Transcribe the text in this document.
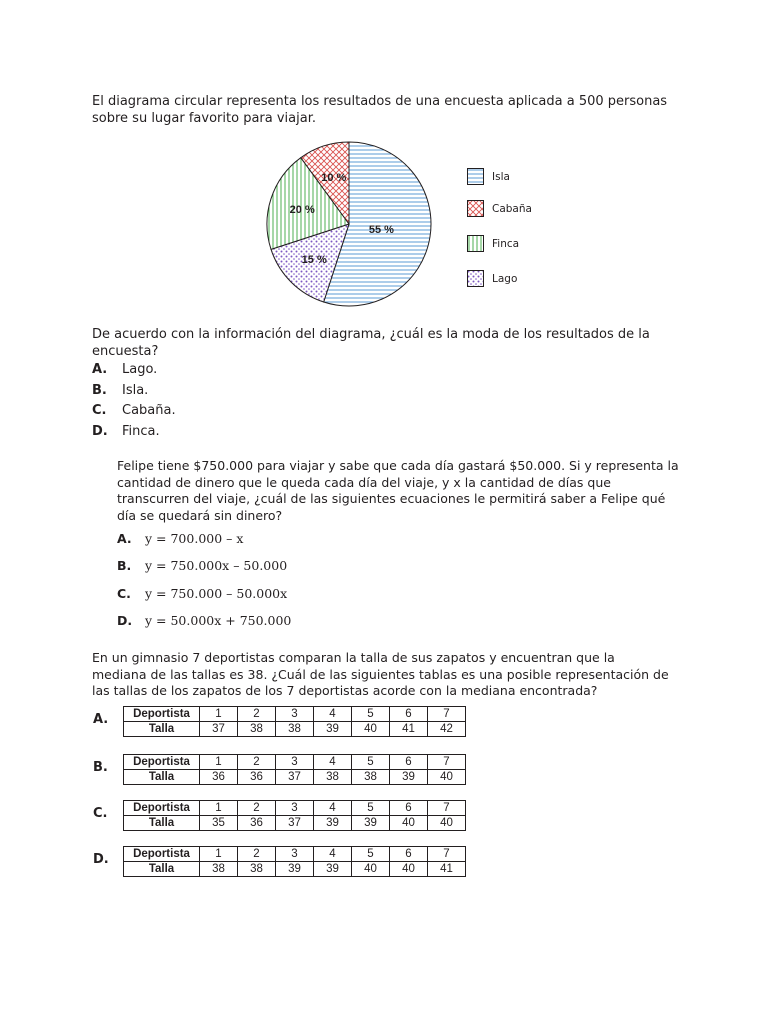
El diagrama circular representa los resultados de una encuesta aplicada a 500 personas sobre su lugar favorito para viajar.
55 %
15 %
20 %
10 %	Isla
Cabaña
Finca
Lago
De acuerdo con la información del diagrama, ¿cuál es la moda de los resultados de la encuesta?
A. Lago.
B. Isla.
C. Cabaña.
D. Finca.
Felipe tiene $750.000 para viajar y sabe que cada día gastará $50.000. Si y representa la cantidad de dinero que le queda cada día del viaje, y x la cantidad de días que transcurren del viaje, ¿cuál de las siguientes ecuaciones le permitirá saber a Felipe qué día se quedará sin dinero?
A. y = 700.000 – x
B. y = 750.000x – 50.000
C. y = 750.000 – 50.000x
D. y = 50.000x + 750.000
En un gimnasio 7 deportistas comparan la talla de sus zapatos y encuentran que la mediana de las tallas es 38. ¿Cuál de las siguientes tablas es una posible representación de las tallas de los zapatos de los 7 deportistas acorde con la mediana encontrada?
A. Deportista	1	2	3	4	5	6	7
Talla	37	38	38	39	40	41	42
B. Deportista	1	2	3	4	5	6	7
Talla	36	36	37	38	38	39	40
C. Deportista	1	2	3	4	5	6	7
Talla	35	36	37	39	39	40	40
D. Deportista	1	2	3	4	5	6	7
Talla	38	38	39	39	40	40	41
